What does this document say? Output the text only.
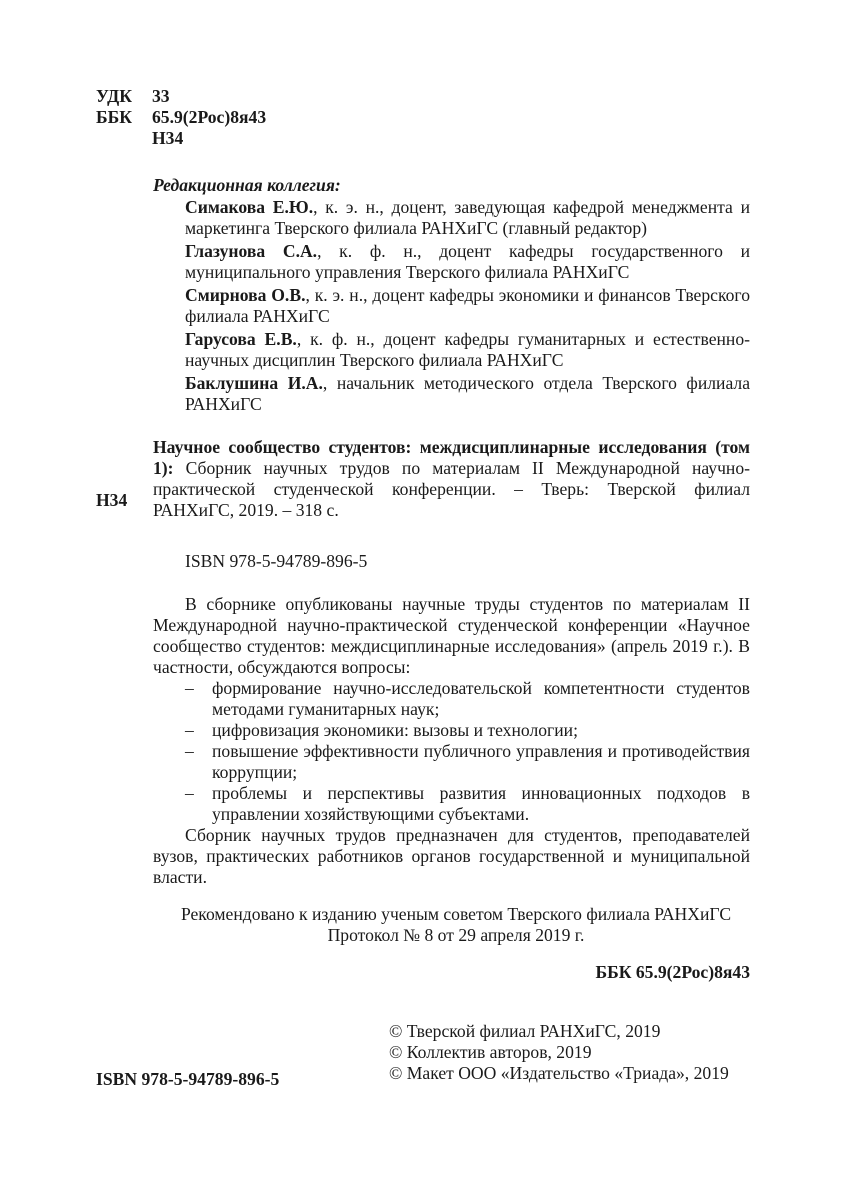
УДК	33
ББК	65.9(2Рос)8я43
Н34
Редакционная коллегия:
Симакова Е.Ю., к. э. н., доцент, заведующая кафедрой менеджмента и маркетинга Тверского филиала РАНХиГС (главный редактор)
Глазунова С.А., к. ф. н., доцент кафедры государственного и муниципального управления Тверского филиала РАНХиГС
Смирнова О.В., к. э. н., доцент кафедры экономики и финансов Тверского филиала РАНХиГС
Гарусова Е.В., к. ф. н., доцент кафедры гуманитарных и естественно-научных дисциплин Тверского филиала РАНХиГС
Баклушина И.А., начальник методического отдела Тверского филиала РАНХиГС
Н34
Научное сообщество студентов: междисциплинарные исследования (том 1): Сборник научных трудов по материалам II Международной научно-практической студенческой конференции. – Тверь: Тверской филиал РАНХиГС, 2019. – 318 с.
ISBN 978-5-94789-896-5

В сборнике опубликованы научные труды студентов по материалам II Международной научно-практической студенческой конференции «Научное сообщество студентов: междисциплинарные исследования» (апрель 2019 г.). В частности, обсуждаются вопросы:

– формирование научно-исследовательской компетентности студентов методами гуманитарных наук;
– цифровизация экономики: вызовы и технологии;
– повышение эффективности публичного управления и противодействия коррупции;
– проблемы и перспективы развития инновационных подходов в управлении хозяйствующими субъектами.

Сборник научных трудов предназначен для студентов, преподавателей вузов, практических работников органов государственной и муниципальной власти.

Рекомендовано к изданию ученым советом Тверского филиала РАНХиГС
Протокол № 8 от 29 апреля 2019 г.
ББК 65.9(2Рос)8я43
© Тверской филиал РАНХиГС, 2019
© Коллектив авторов, 2019
© Макет ООО «Издательство «Триада», 2019
ISBN 978-5-94789-896-5
